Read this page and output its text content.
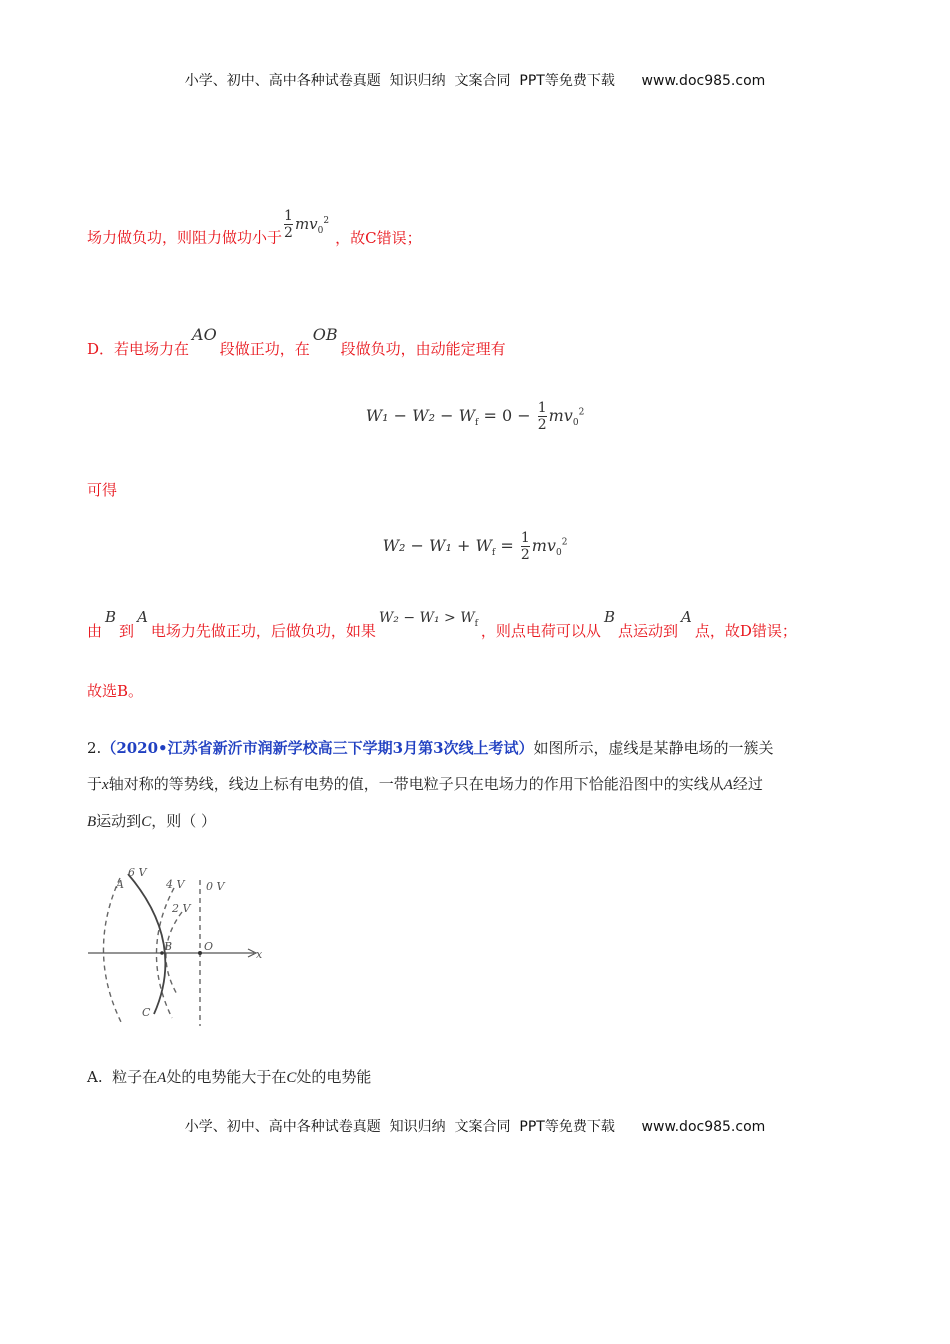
小学、初中、高中各种试卷真题  知识归纳  文案合同  PPT等免费下载      www.doc985.com
场力做负功，则阻力做功小于 $\frac{1}{2} mv_0^2$，故C错误；
D．若电场力在AO段做正功，在OB段做负功，由动能定理有
$W_1 - W_2 - W_f = 0 - \frac{1}{2} mv_0^2$
可得
$W_2 - W_1 + W_f = \frac{1}{2} mv_0^2$
由B到A电场力先做正功，后做负功，如果$W_2 - W_1 > W_f$ ，则点电荷可以从B点运动到A点，故D错误；
故选B。
2.（2020•江苏省新沂市润新学校高三下学期3月第3次线上考试）如图所示，虚线是某静电场的一簇关
于x轴对称的等势线，线边上标有电势的值，一带电粒子只在电场力的作用下恰能沿图中的实线从A经过
B运动到C，则（ ）
6 V
4 V
2 V
0 V
A
B
C
O
x
A. 粒子在A处的电势能大于在C处的电势能
小学、初中、高中各种试卷真题  知识归纳  文案合同  PPT等免费下载      www.doc985.com
